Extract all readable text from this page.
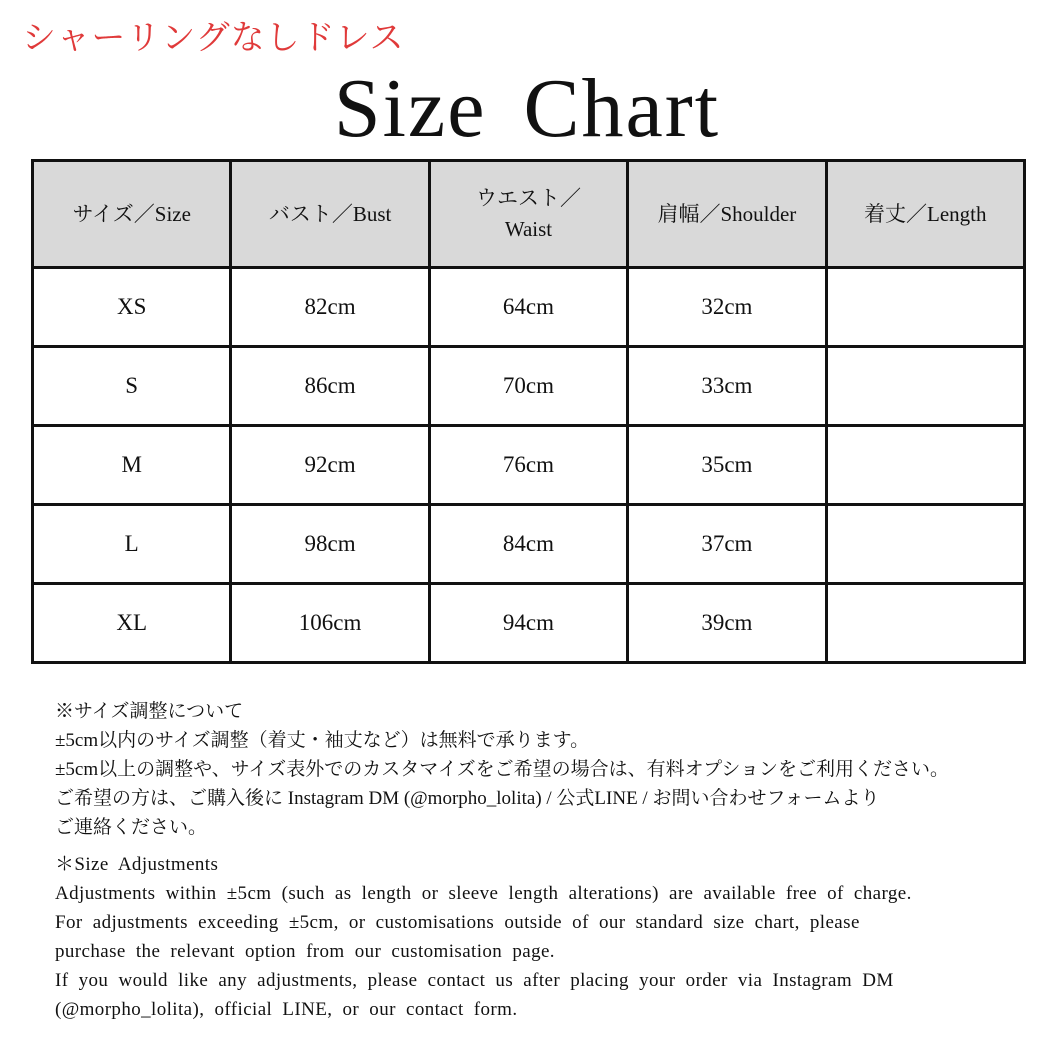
シャーリングなしドレス
Size Chart
サイズ／Size	バスト／Bust	ウエスト／
Waist	肩幅／Shoulder	着丈／Length
XS	82cm	64cm	32cm	
S	86cm	70cm	33cm	
M	92cm	76cm	35cm	
L	98cm	84cm	37cm	
XL	106cm	94cm	39cm	
※サイズ調整について
±5cm以内のサイズ調整（着丈・袖丈など）は無料で承ります。
±5cm以上の調整や、サイズ表外でのカスタマイズをご希望の場合は、有料オプションをご利用ください。
ご希望の方は、ご購入後に Instagram DM (@morpho_lolita) / 公式LINE / お問い合わせフォームより
ご連絡ください。
＊Size Adjustments
Adjustments within ±5cm (such as length or sleeve length alterations) are available free of charge.
For adjustments exceeding ±5cm, or customisations outside of our standard size chart, please
purchase the relevant option from our customisation page.
If you would like any adjustments, please contact us after placing your order via Instagram DM
(@morpho_lolita), official LINE, or our contact form.
